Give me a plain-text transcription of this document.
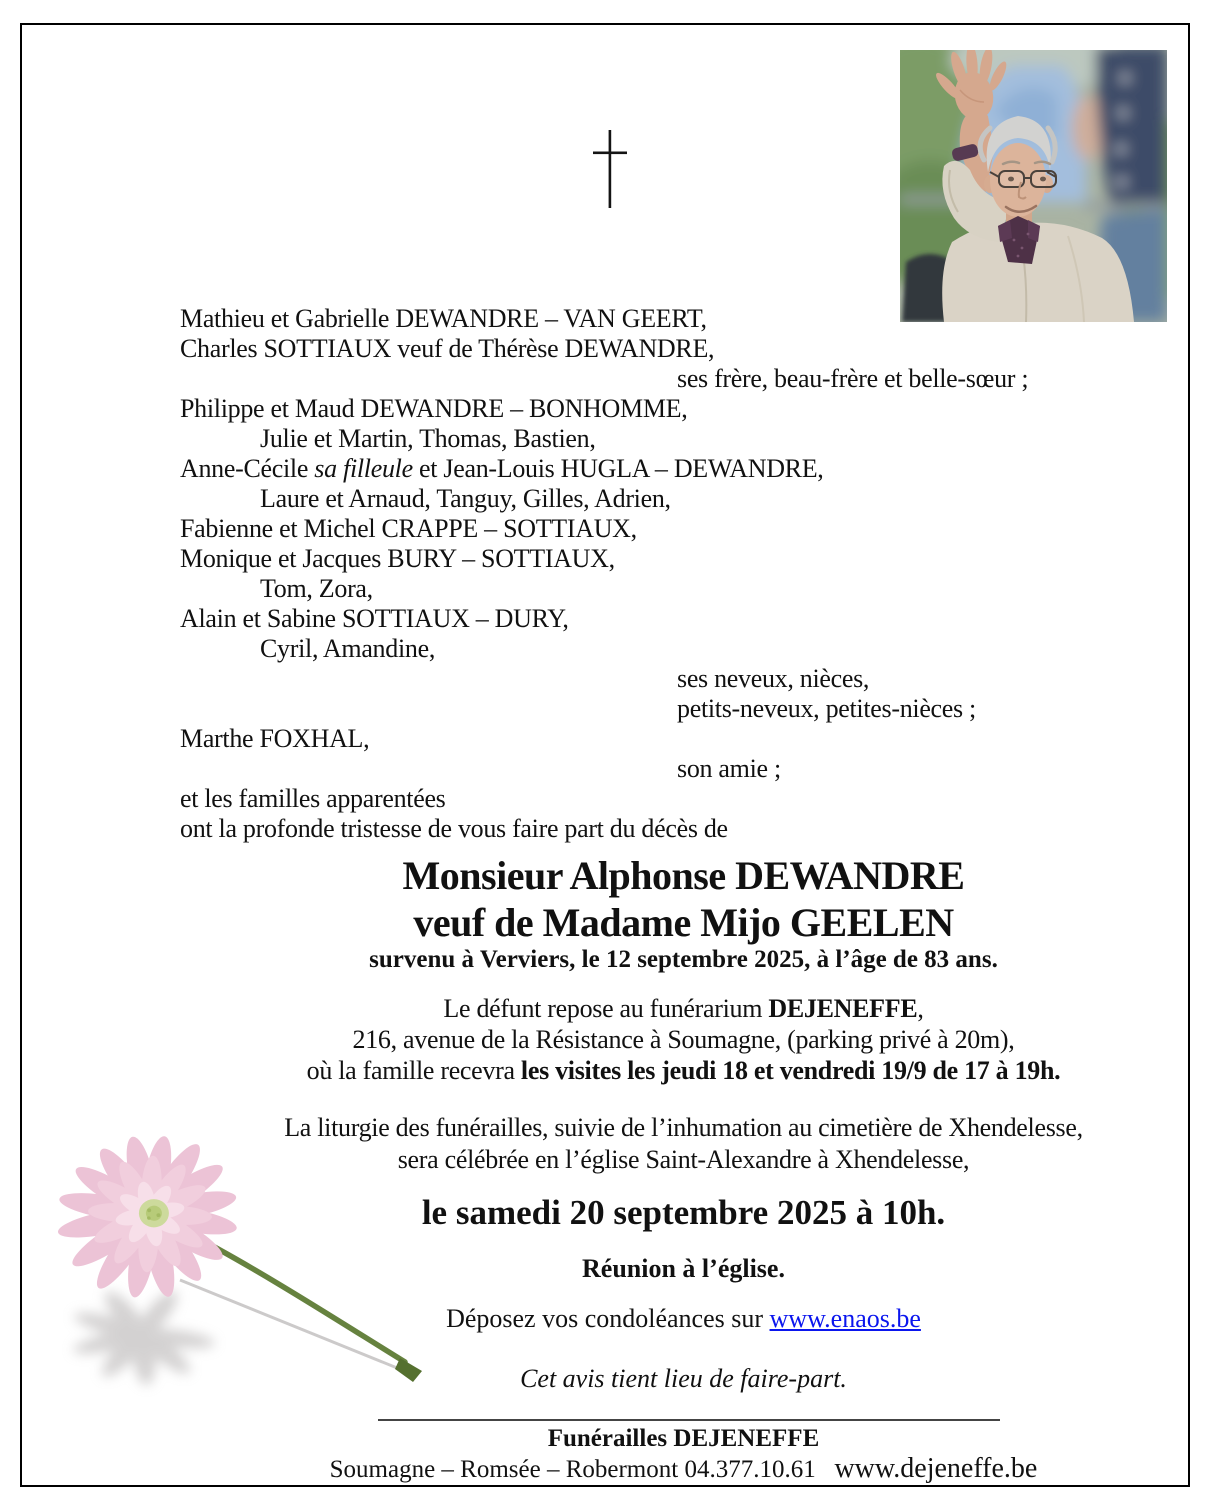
Mathieu et Gabrielle DEWANDRE – VAN GEERT,
Charles SOTTIAUX veuf de Thérèse DEWANDRE,
ses frère, beau-frère et belle-sœur ;
Philippe et Maud DEWANDRE – BONHOMME,
Julie et Martin, Thomas, Bastien,
Anne-Cécile sa filleule et Jean-Louis HUGLA – DEWANDRE,
Laure et Arnaud, Tanguy, Gilles, Adrien,
Fabienne et Michel CRAPPE – SOTTIAUX,
Monique et Jacques BURY – SOTTIAUX,
Tom, Zora,
Alain et Sabine SOTTIAUX – DURY,
Cyril, Amandine,
ses neveux, nièces,
petits-neveux, petites-nièces ;
Marthe FOXHAL,
son amie ;
et les familles apparentées
ont la profonde tristesse de vous faire part du décès de
Monsieur Alphonse DEWANDRE
veuf de Madame Mijo GEELEN
survenu à Verviers, le 12 septembre 2025, à l’âge de 83 ans.
Le défunt repose au funérarium DEJENEFFE,
216, avenue de la Résistance à Soumagne, (parking privé à 20m),
où la famille recevra les visites les jeudi 18 et vendredi 19/9 de 17 à 19h.
La liturgie des funérailles, suivie de l’inhumation au cimetière de Xhendelesse,
sera célébrée en l’église Saint-Alexandre à Xhendelesse,
le samedi 20 septembre 2025 à 10h.
Réunion à l’église.
Déposez vos condoléances sur www.enaos.be
Cet avis tient lieu de faire-part.
Funérailles DEJENEFFE
Soumagne – Romsée – Robermont 04.377.10.61 www.dejeneffe.be
